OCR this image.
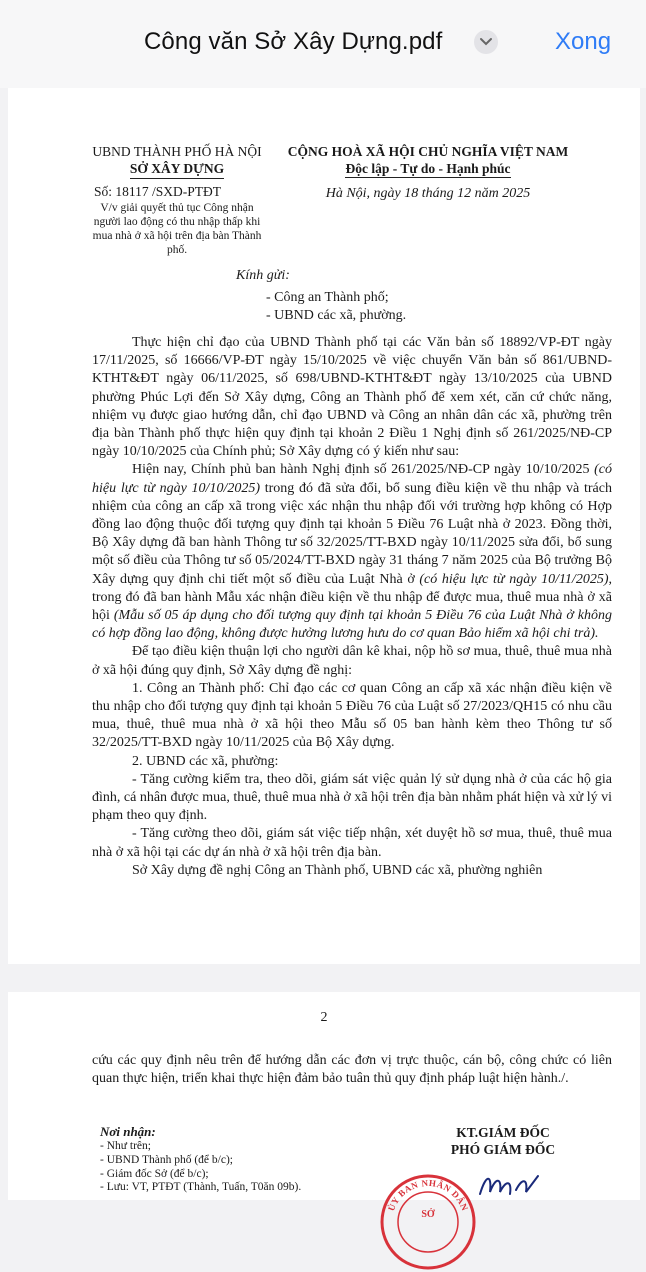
Công văn Sở Xây Dựng.pdf	Xong
UBND THÀNH PHỐ HÀ NỘI
SỞ XÂY DỰNG
CỘNG HOÀ XÃ HỘI CHỦ NGHĨA VIỆT NAM
Độc lập - Tự do - Hạnh phúc
Số: 18117 /SXD-PTĐT	Hà Nội, ngày 18 tháng 12 năm 2025
V/v giải quyết thủ tục Công nhận người lao động có thu nhập thấp khi mua nhà ở xã hội trên địa bàn Thành phố.
Kính gửi:
- Công an Thành phố;
- UBND các xã, phường.

Thực hiện chỉ đạo của UBND Thành phố tại các Văn bản số 18892/VP-ĐT ngày 17/11/2025, số 16666/VP-ĐT ngày 15/10/2025 về việc chuyển Văn bản số 861/UBND-KTHT&ĐT ngày 06/11/2025, số 698/UBND-KTHT&ĐT ngày 13/10/2025 của UBND phường Phúc Lợi đến Sở Xây dựng, Công an Thành phố để xem xét, căn cứ chức năng, nhiệm vụ được giao hướng dẫn, chỉ đạo UBND và Công an nhân dân các xã, phường trên địa bàn Thành phố thực hiện quy định tại khoản 2 Điều 1 Nghị định số 261/2025/NĐ-CP ngày 10/10/2025 của Chính phủ; Sở Xây dựng có ý kiến như sau:

Hiện nay, Chính phủ ban hành Nghị định số 261/2025/NĐ-CP ngày 10/10/2025 (có hiệu lực từ ngày 10/10/2025) trong đó đã sửa đổi, bổ sung điều kiện về thu nhập và trách nhiệm của công an cấp xã trong việc xác nhận thu nhập đối với trường hợp không có Hợp đồng lao động thuộc đối tượng quy định tại khoản 5 Điều 76 Luật nhà ở 2023. Đồng thời, Bộ Xây dựng đã ban hành Thông tư số 32/2025/TT-BXD ngày 10/11/2025 sửa đổi, bổ sung một số điều của Thông tư số 05/2024/TT-BXD ngày 31 tháng 7 năm 2025 của Bộ trưởng Bộ Xây dựng quy định chi tiết một số điều của Luật Nhà ở (có hiệu lực từ ngày 10/11/2025), trong đó đã ban hành Mẫu xác nhận điều kiện về thu nhập để được mua, thuê mua nhà ở xã hội (Mẫu số 05 áp dụng cho đối tượng quy định tại khoản 5 Điều 76 của Luật Nhà ở không có hợp đồng lao động, không được hưởng lương hưu do cơ quan Bảo hiểm xã hội chi trả).

Để tạo điều kiện thuận lợi cho người dân kê khai, nộp hồ sơ mua, thuê, thuê mua nhà ở xã hội đúng quy định, Sở Xây dựng đề nghị:

1. Công an Thành phố: Chỉ đạo các cơ quan Công an cấp xã xác nhận điều kiện về thu nhập cho đối tượng quy định tại khoản 5 Điều 76 của Luật số 27/2023/QH15 có nhu cầu mua, thuê, thuê mua nhà ở xã hội theo Mẫu số 05 ban hành kèm theo Thông tư số 32/2025/TT-BXD ngày 10/11/2025 của Bộ Xây dựng.

2. UBND các xã, phường:

- Tăng cường kiểm tra, theo dõi, giám sát việc quản lý sử dụng nhà ở của các hộ gia đình, cá nhân được mua, thuê, thuê mua nhà ở xã hội trên địa bàn nhằm phát hiện và xử lý vi phạm theo quy định.

- Tăng cường theo dõi, giám sát việc tiếp nhận, xét duyệt hồ sơ mua, thuê, thuê mua nhà ở xã hội tại các dự án nhà ở xã hội trên địa bàn.

Sở Xây dựng đề nghị Công an Thành phố, UBND các xã, phường nghiên

2
cứu các quy định nêu trên để hướng dẫn các đơn vị trực thuộc, cán bộ, công chức có liên quan thực hiện, triển khai thực hiện đảm bảo tuân thủ quy định pháp luật hiện hành./.
Nơi nhận:
- Như trên;
- UBND Thành phố (để b/c);
- Giám đốc Sở (để b/c);
- Lưu: VT, PTĐT (Thành, Tuấn, T0ăn 09b).
KT.GIÁM ĐỐC
PHÓ GIÁM ĐỐC
ỦY BAN NHÂN DÂN
SỞ
